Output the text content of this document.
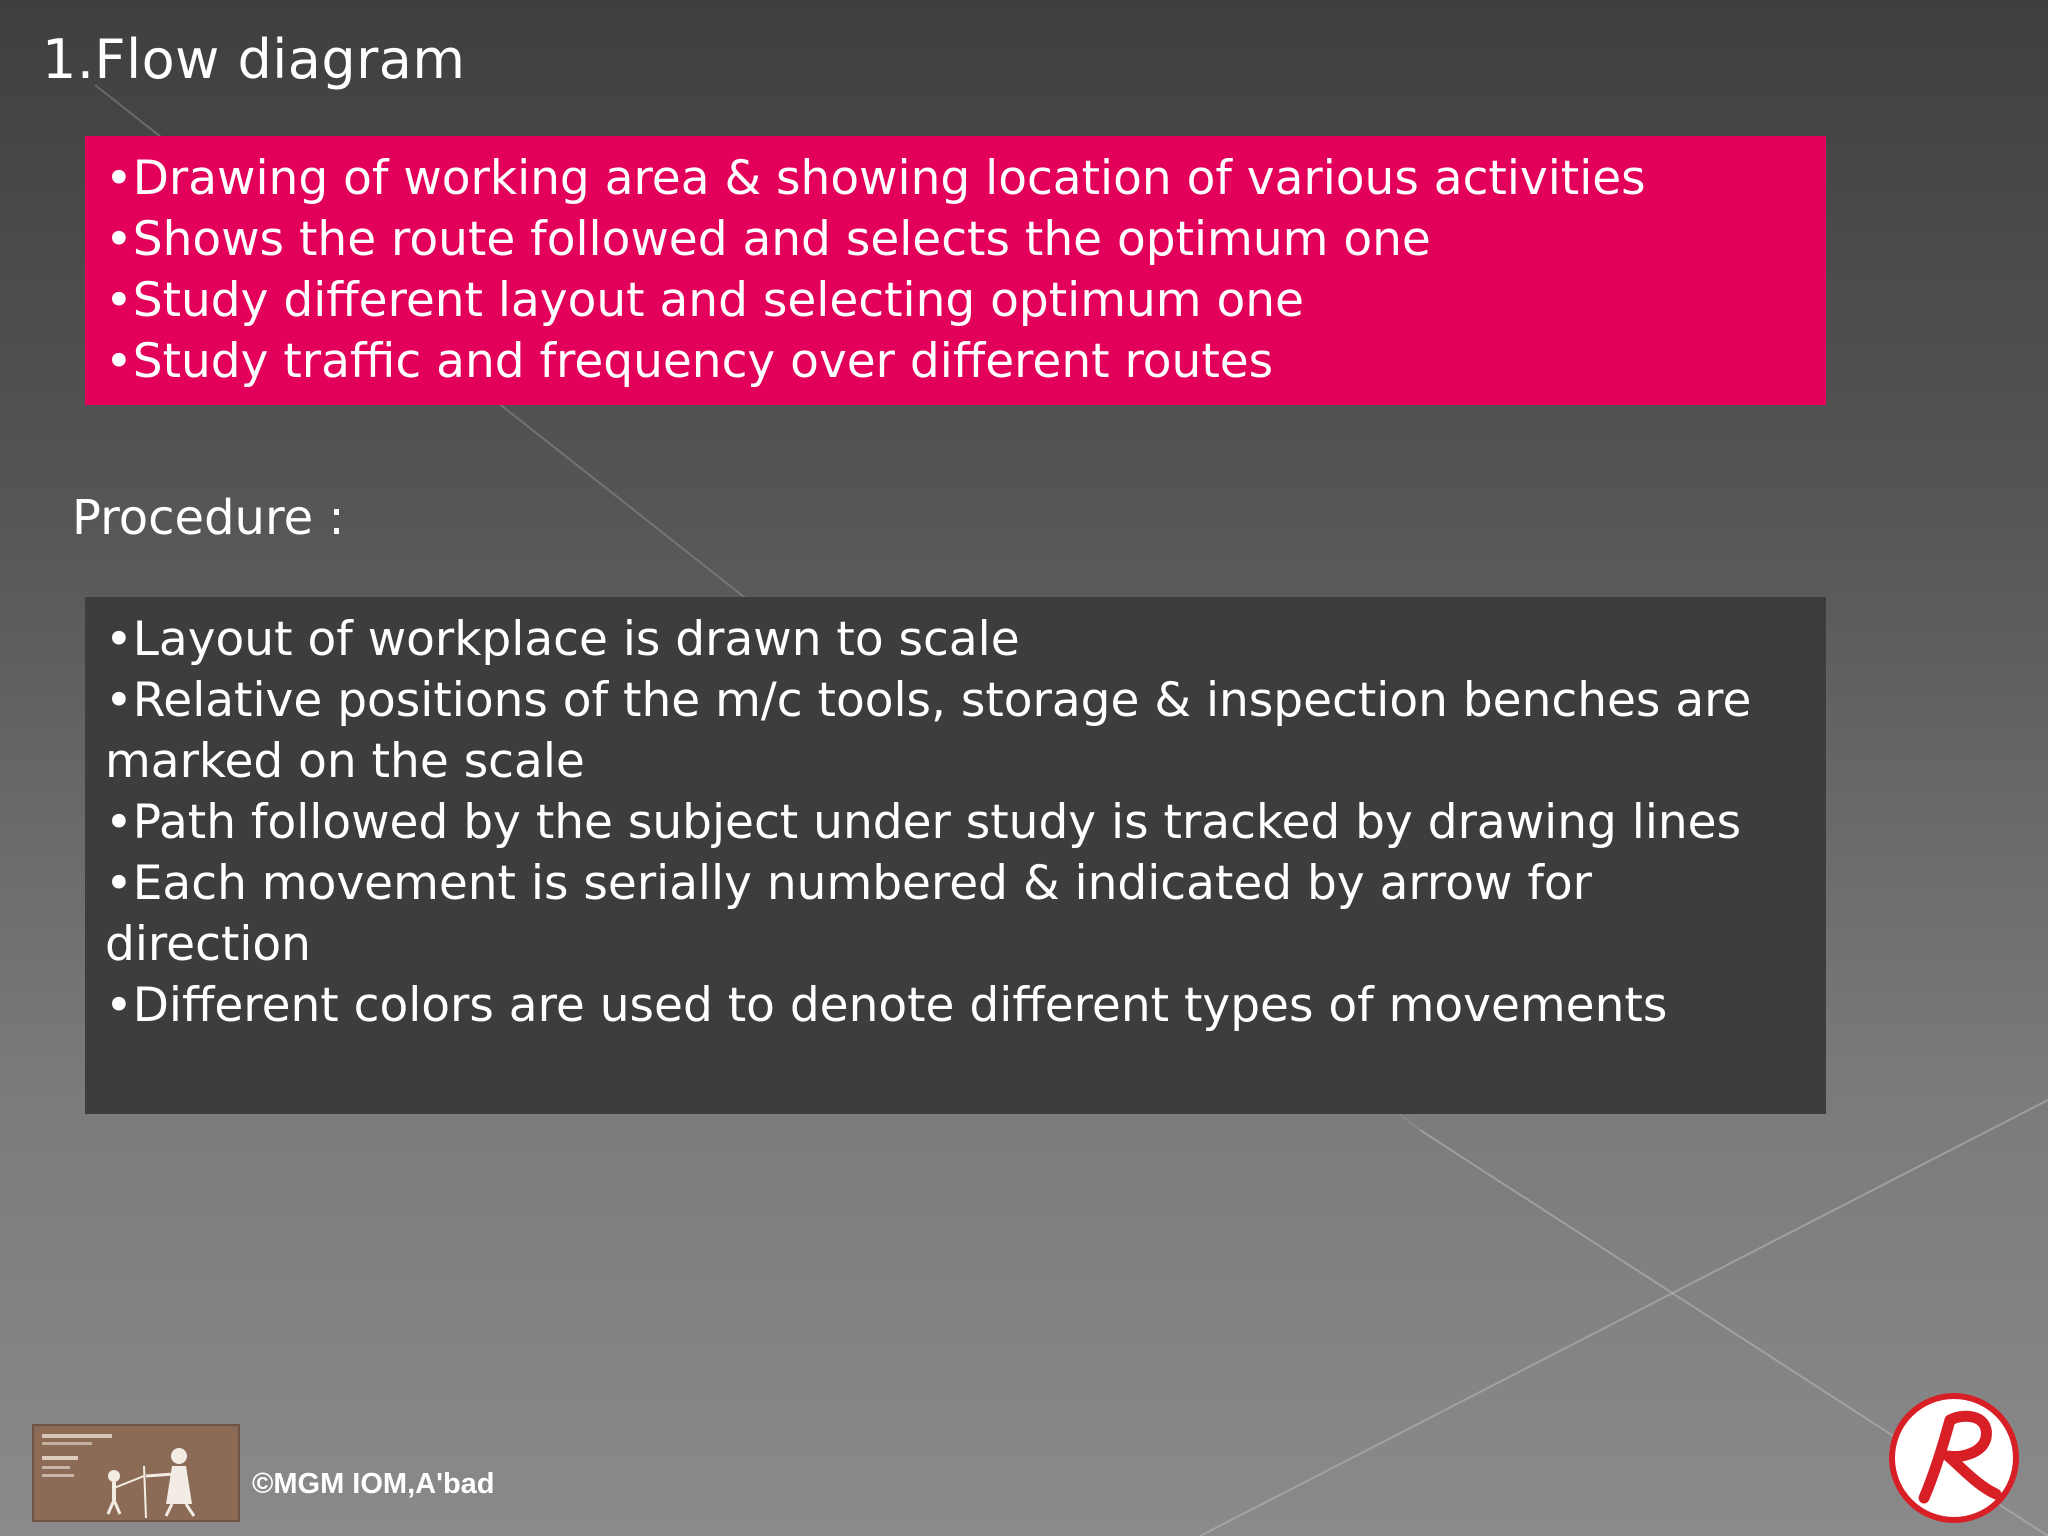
1.Flow diagram
• Drawing of working area & showing location of various activities
• Shows the route followed and selects the optimum one
• Study different layout and selecting optimum one
• Study traffic and frequency over different routes

Procedure :

• Layout of workplace is drawn to scale
• Relative positions of the m/c tools, storage & inspection benches are marked on the scale
• Path followed by the subject under study is tracked by drawing lines
• Each movement is serially numbered & indicated by arrow for direction
• Different colors are used to denote different types of movements
©MGM IOM,A'bad
